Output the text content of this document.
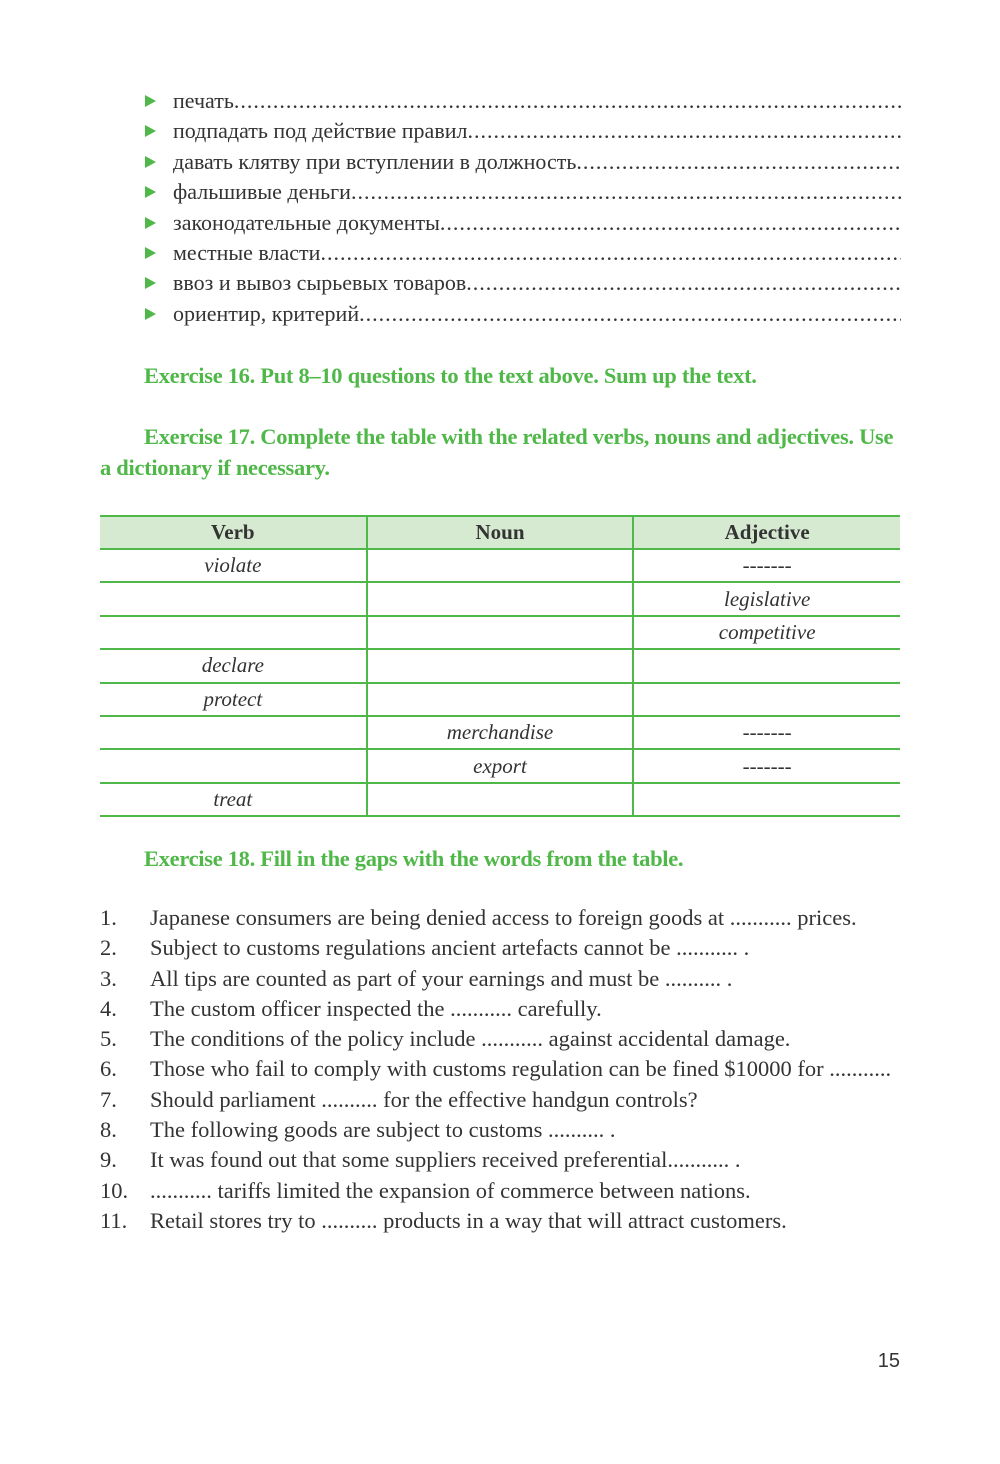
печать
.....
подпадать под действие правил
.....
давать клятву при вступлении в должность
.....
фальшивые деньги
.....
законодательные документы
.....
местные власти
.....
ввоз и вывоз сырьевых товаров
.....
ориентир, критерий
.....

Exercise 16. Put 8–10 questions to the text above. Sum up the text.

Exercise 17. Complete the table with the related verbs, nouns and adjectives. Use a dictionary if necessary.

Verb	Noun	Adjective
violate		-------
		legislative
		competitive
declare		
protect		
	merchandise	-------
	export	-------
treat		

Exercise 18. Fill in the gaps with the words from the table.

1.	Japanese consumers are being denied access to foreign goods at ........... prices.
2.	Subject to customs regulations ancient artefacts cannot be ........... .
3.	All tips are counted as part of your earnings and must be .......... .
4.	The custom officer inspected the ........... carefully.
5.	The conditions of the policy include ........... against accidental damage.
6.	Those who fail to comply with customs regulation can be fined $10000 for ...........
7.	Should parliament .......... for the effective handgun controls?
8.	The following goods are subject to customs .......... .
9.	It was found out that some suppliers received preferential........... .
10. ........... tariffs limited the expansion of commerce between nations.
11.	Retail stores try to .......... products in a way that will attract customers.
15
